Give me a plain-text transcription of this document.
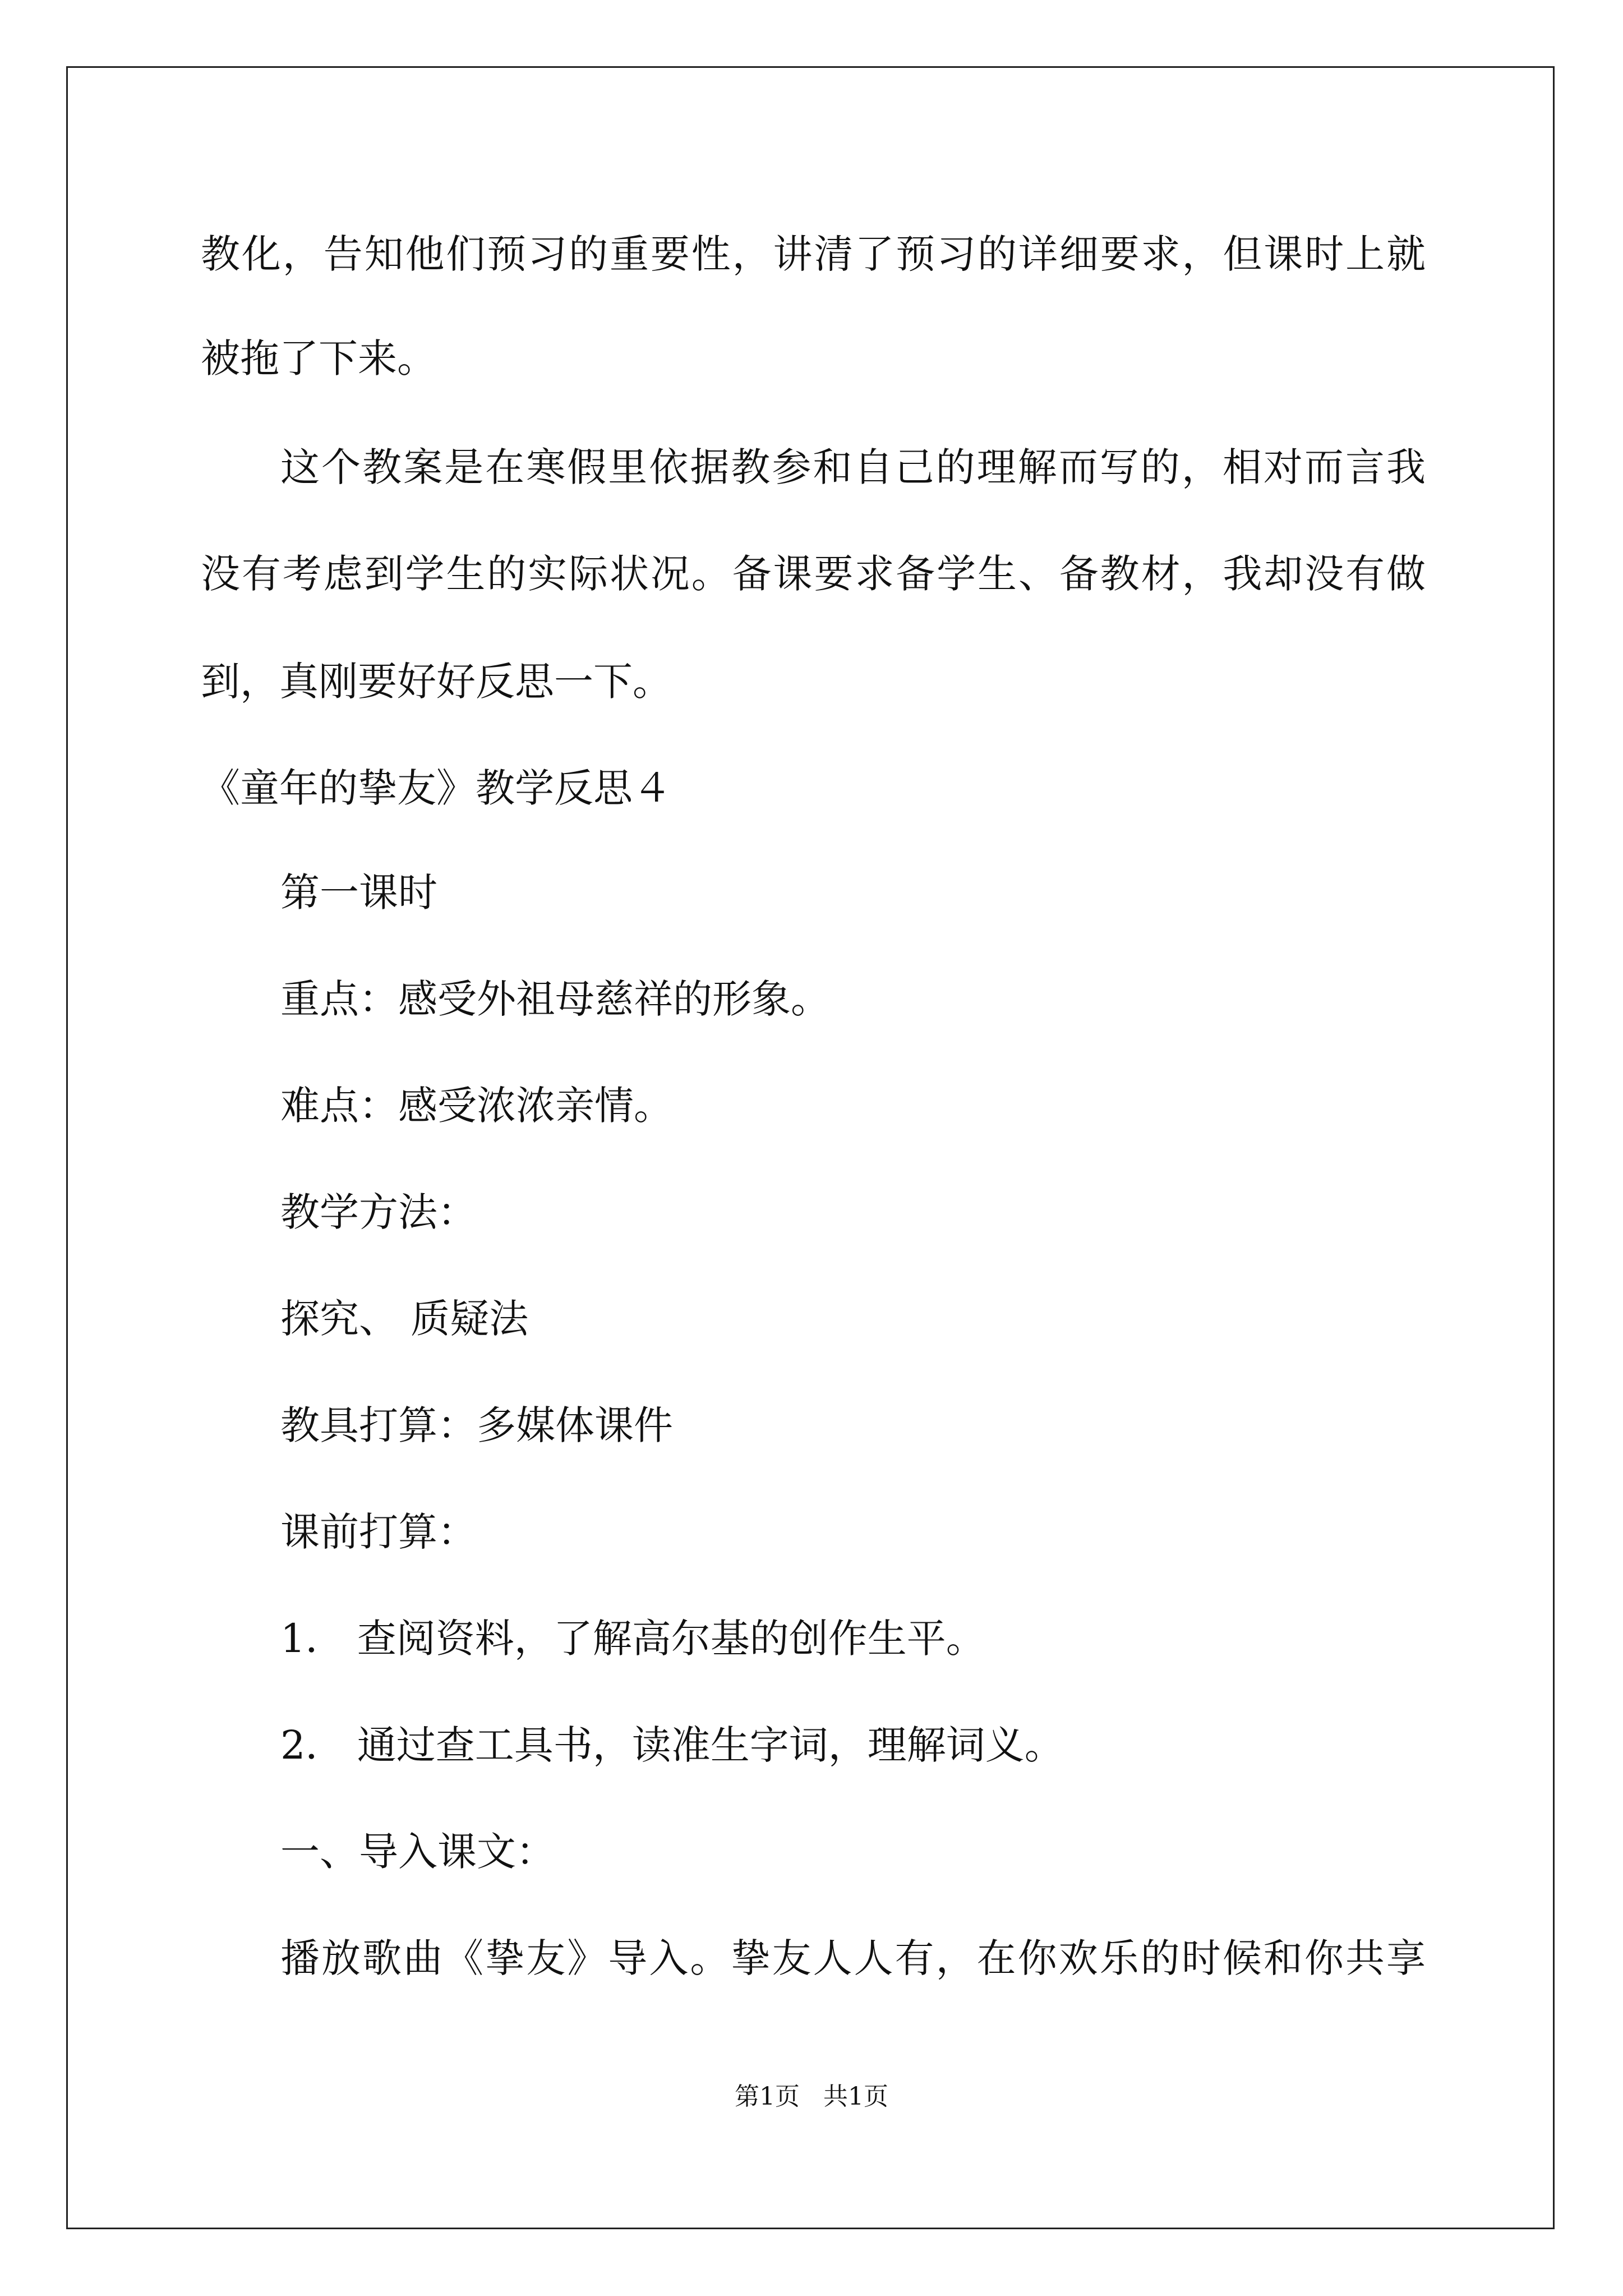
教化，告知他们预习的重要性，讲清了预习的详细要求，但课时上就
被拖了下来。
这个教案是在寒假里依据教参和自己的理解而写的，相对而言我
没有考虑到学生的实际状况。备课要求备学生、备教材，我却没有做
到，真刚要好好反思一下。
《童年的挚友》教学反思４
第一课时
重点：感受外祖母慈祥的形象。
难点：感受浓浓亲情。
教学方法：
探究、 质疑法
教具打算：多媒体课件
课前打算：
1． 查阅资料，了解高尔基的创作生平。
2． 通过查工具书，读准生字词，理解词义。
一、导入课文：
播放歌曲《挚友》导入。挚友人人有，在你欢乐的时候和你共享
第1页   共1页
